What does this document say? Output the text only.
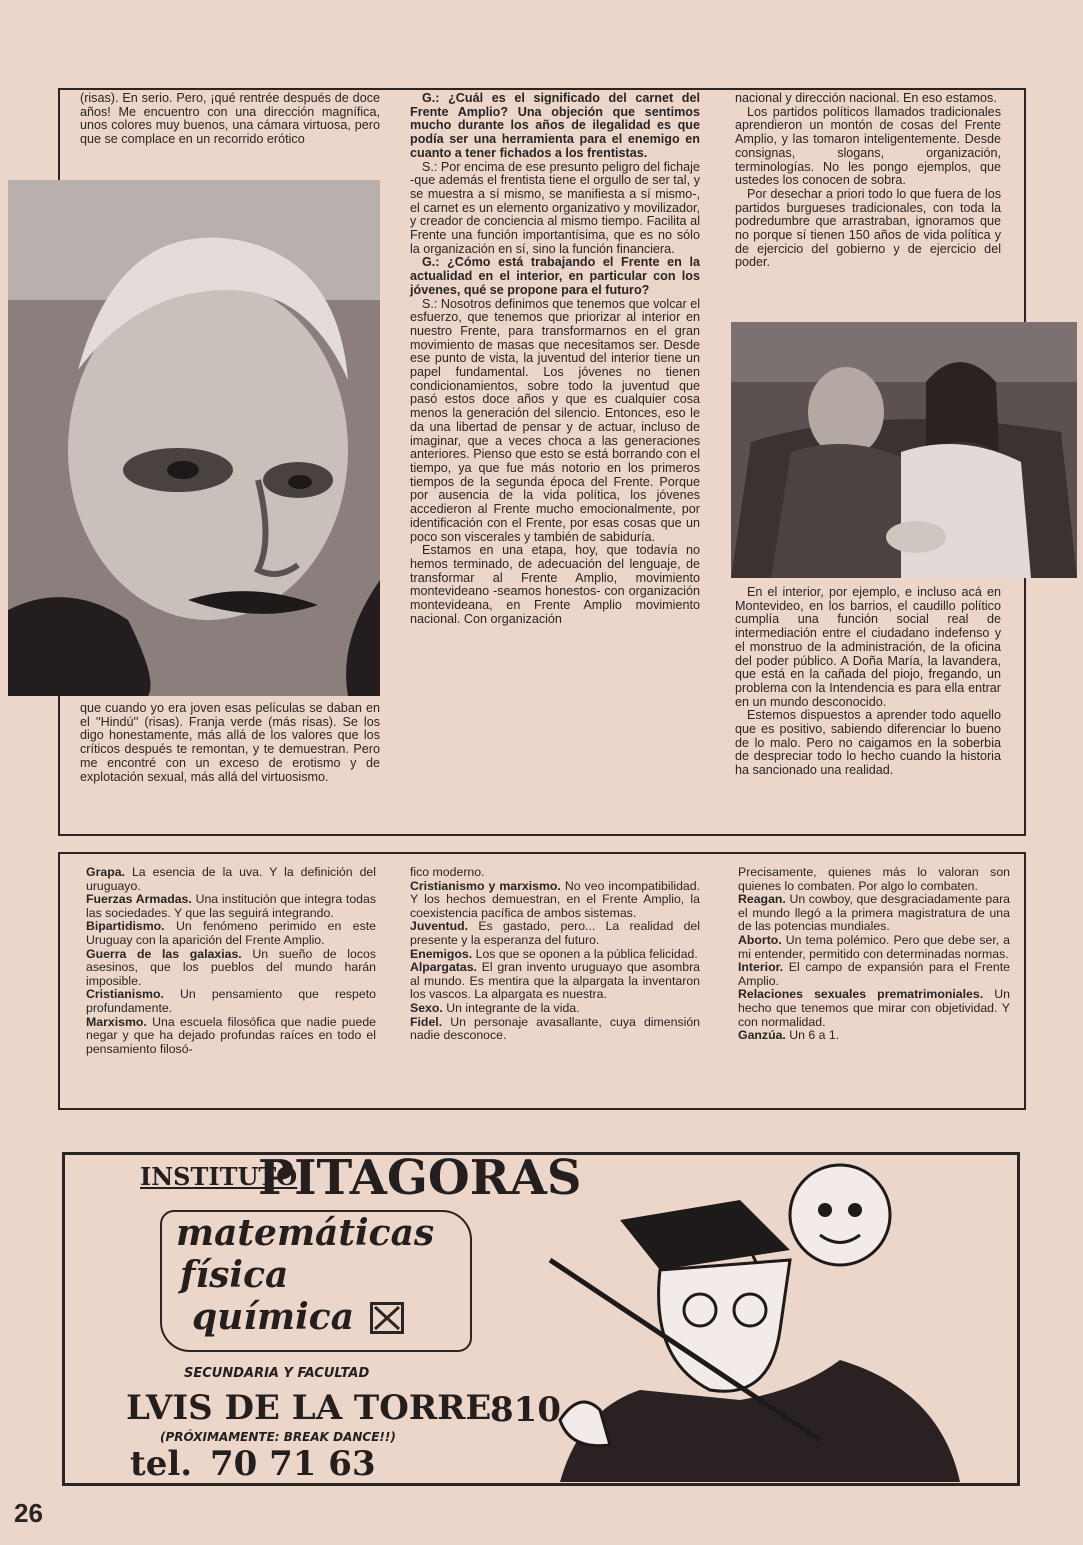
(risas). En serio. Pero, ¡qué rentrée después de doce años! Me encuentro con una dirección magnífica, unos colores muy buenos, una cámara virtuosa, pero que se complace en un recorrido erótico

que cuando yo era joven esas películas se daban en el ''Hindú'' (risas). Franja verde (más risas). Se los digo honestamente, más allá de los valores que los críticos después te remontan, y te demuestran. Pero me encontré con un exceso de erotismo y de explotación sexual, más allá del virtuosismo.

G.: ¿Cuál es el significado del carnet del Frente Amplio? Una objeción que sentimos mucho durante los años de ilegalidad es que podía ser una herramienta para el enemigo en cuanto a tener fichados a los frentistas.

S.: Por encima de ese presunto peligro del fichaje -que además el frentista tiene el orgullo de ser tal, y se muestra a sí mismo, se manifiesta a sí mismo-, el carnet es un elemento organizativo y movilizador, y creador de conciencia al mismo tiempo. Facilita al Frente una función importantísima, que es no sólo la organización en sí, sino la función financiera.

G.: ¿Cómo está trabajando el Frente en la actualidad en el interior, en particular con los jóvenes, qué se propone para el futuro?

S.: Nosotros definimos que tenemos que volcar el esfuerzo, que tenemos que priorizar al interior en nuestro Frente, para transformarnos en el gran movimiento de masas que necesitamos ser. Desde ese punto de vista, la juventud del interior tiene un papel fundamental. Los jóvenes no tienen condicionamientos, sobre todo la juventud que pasó estos doce años y que es cualquier cosa menos la generación del silencio. Entonces, eso le da una libertad de pensar y de actuar, incluso de imaginar, que a veces choca a las generaciones anteriores. Pienso que esto se está borrando con el tiempo, ya que fue más notorio en los primeros tiempos de la segunda época del Frente. Porque por ausencia de la vida política, los jóvenes accedieron al Frente mucho emocionalmente, por identificación con el Frente, por esas cosas que un poco son viscerales y también de sabiduría.

Estamos en una etapa, hoy, que todavía no hemos terminado, de adecuación del lenguaje, de transformar al Frente Amplio, movimiento montevideano -seamos honestos- con organización montevideana, en Frente Amplio movimiento nacional. Con organización

nacional y dirección nacional. En eso estamos.

Los partidos políticos llamados tradicionales aprendieron un montón de cosas del Frente Amplio, y las tomaron inteligentemente. Desde consignas, slogans, organización, terminologías. No les pongo ejemplos, que ustedes los conocen de sobra.

Por desechar a priori todo lo que fuera de los partidos burgueses tradicionales, con toda la podredumbre que arrastraban, ignoramos que no porque sí tienen 150 años de vida política y de ejercicio del gobierno y de ejercicio del poder.

En el interior, por ejemplo, e incluso acá en Montevideo, en los barrios, el caudillo político cumplía una función social real de intermediación entre el ciudadano indefenso y el monstruo de la administración, de la oficina del poder público. A Doña María, la lavandera, que está en la cañada del piojo, fregando, un problema con la Intendencia es para ella entrar en un mundo desconocido.

Estemos dispuestos a aprender todo aquello que es positivo, sabiendo diferenciar lo bueno de lo malo. Pero no caigamos en la soberbia de despreciar todo lo hecho cuando la historia ha sancionado una realidad.

Grapa. La esencia de la uva. Y la definición del uruguayo.

Fuerzas Armadas. Una institución que integra todas las sociedades. Y que las seguirá integrando.

Bipartidismo. Un fenómeno perimido en este Uruguay con la aparición del Frente Amplio.

Guerra de las galaxias. Un sueño de locos asesinos, que los pueblos del mundo harán imposible.

Cristianismo. Un pensamiento que respeto profundamente.

Marxismo. Una escuela filosófica que nadie puede negar y que ha dejado profundas raíces en todo el pensamiento filosó-

fico moderno.

Cristianismo y marxismo. No veo incompatibilidad. Y los hechos demuestran, en el Frente Amplio, la coexistencia pacífica de ambos sistemas.

Juventud. Es gastado, pero... La realidad del presente y la esperanza del futuro.

Enemigos. Los que se oponen a la pública felicidad.

Alpargatas. El gran invento uruguayo que asombra al mundo. Es mentira que la alpargata la inventaron los vascos. La alpargata es nuestra.

Sexo. Un integrante de la vida.

Fidel. Un personaje avasallante, cuya dimensión nadie desconoce.

Precisamente, quienes más lo valoran son quienes lo combaten. Por algo lo combaten.

Reagan. Un cowboy, que desgraciadamente para el mundo llegó a la primera magistratura de una de las potencias mundiales.

Aborto. Un tema polémico. Pero que debe ser, a mi entender, permitido con determinadas normas.

Interior. El campo de expansión para el Frente Amplio.

Relaciones sexuales prematrimoniales. Un hecho que tenemos que mirar con objetividad. Y con normalidad.

Ganzúa. Un 6 a 1.

INSTITUTO
PITAGORAS
matemáticas
física
química
SECUNDARIA Y FACULTAD
LVIS DE LA TORRE
810
(PRÓXIMAMENTE: BREAK DANCE!!)
tel. 70 71 63
26
